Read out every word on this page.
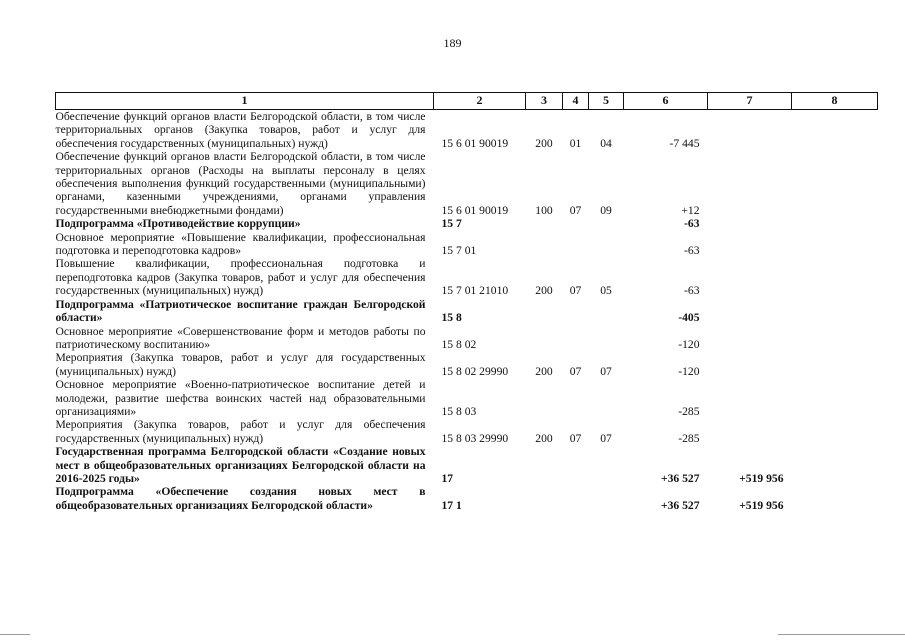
189
1	2	3	4	5	6	7	8
Обеспечение функций органов власти Белгородской области, в том числе территориальных органов (Закупка товаров, работ и услуг для обеспечения государственных (муниципальных) нужд)	15 6 01 90019	200	01	04	-7 445		
Обеспечение функций органов власти Белгородской области, в том числе территориальных органов (Расходы на выплаты персоналу в целях обеспечения выполнения функций государственными (муниципальными) органами, казенными учреждениями, органами управления государственными внебюджетными фондами)	15 6 01 90019	100	07	09	+12		
Подпрограмма «Противодействие коррупции»	15 7				-63		
Основное мероприятие «Повышение квалификации, профессиональная подготовка и переподготовка кадров»	15 7 01				-63		
Повышение квалификации, профессиональная подготовка и переподготовка кадров (Закупка товаров, работ и услуг для обеспечения государственных (муниципальных) нужд)	15 7 01 21010	200	07	05	-63		
Подпрограмма «Патриотическое воспитание граждан Белгородской области»	15 8				-405		
Основное мероприятие «Совершенствование форм и методов работы по патриотическому воспитанию»	15 8 02				-120		
Мероприятия (Закупка товаров, работ и услуг для государственных (муниципальных) нужд)	15 8 02 29990	200	07	07	-120		
Основное мероприятие «Военно-патриотическое воспитание детей и молодежи, развитие шефства воинских частей над образовательными организациями»	15 8 03				-285		
Мероприятия (Закупка товаров, работ и услуг для обеспечения государственных (муниципальных) нужд)	15 8 03 29990	200	07	07	-285		
Государственная программа Белгородской области «Создание новых мест в общеобразовательных организациях Белгородской области на 2016-2025 годы»	17				+36 527	+519 956	
Подпрограмма «Обеспечение создания новых мест в общеобразовательных организациях Белгородской области»	17 1				+36 527	+519 956	
